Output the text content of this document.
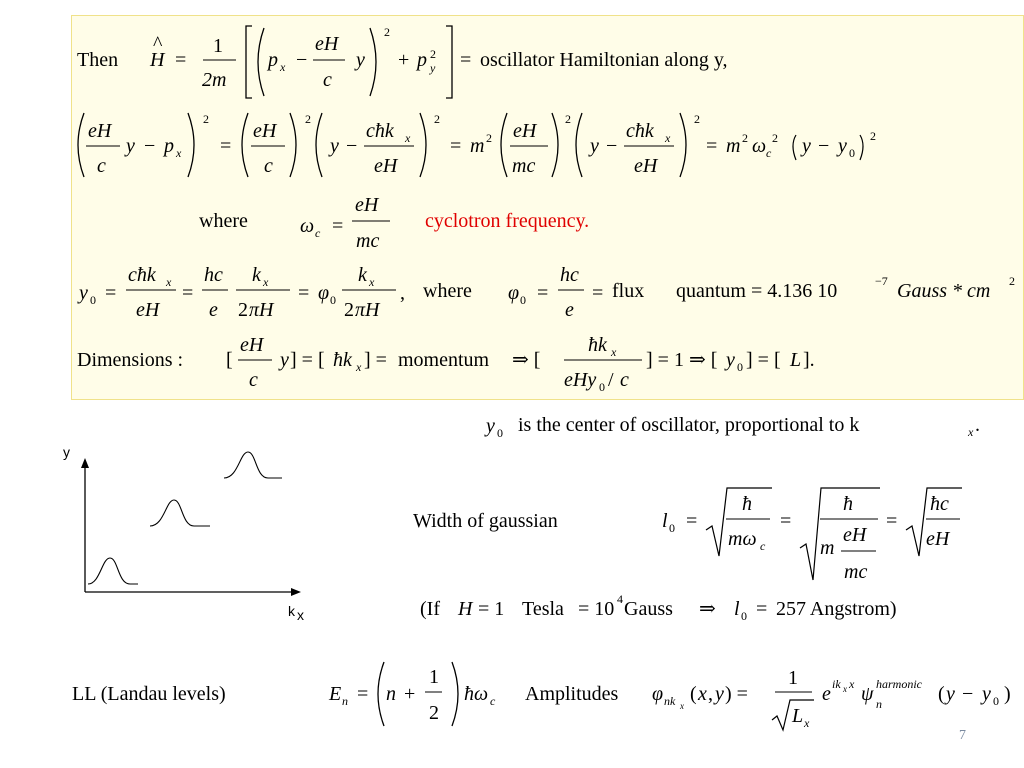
Then H
^
=
1
2m
p x −
eH
c
y
2
+ p 2
y = oscillator Hamiltonian along y,
eH
c
y − p x
2
=
eH
c
2
y −
cħk x
eH
2
= m 2 eH
mc
2
y −
cħk x
eH
2
= m 2 ω c
2 y − y 0
2
where	ω c =
eH
mc
cyclotron frequency.
y 0 =
cħk x
eH
=
hc
e
k x
2 πH
= φ 0
k x
2 πH
, where φ 0 =
hc
e
= flux quantum = 4.136 10	−7 Gauss * cm 2
Dimensions : [
eH
c
y ] = [ ħk x ] = momentum ⇒ [
ħk x
eHy 0 / c
] = 1 ⇒ [ y 0 ] = [ L ].
y 0 is the center of oscillator, proportional to k	x .
Width of gaussian	l 0 =
ħ
mω c
=
ħ
m
eH
mc
=
ħc
eH
(If H = 1 Tesla = 10 4 Gauss ⇒ l 0 = 257 Angstrom)
LL (Landau levels)	E n = n +
1
2
ħω c Amplitudes φ nk x
( x , y ) =
1
L x
e ik x x ψ n
harmonic ( y − y 0 )
y
k x
7
